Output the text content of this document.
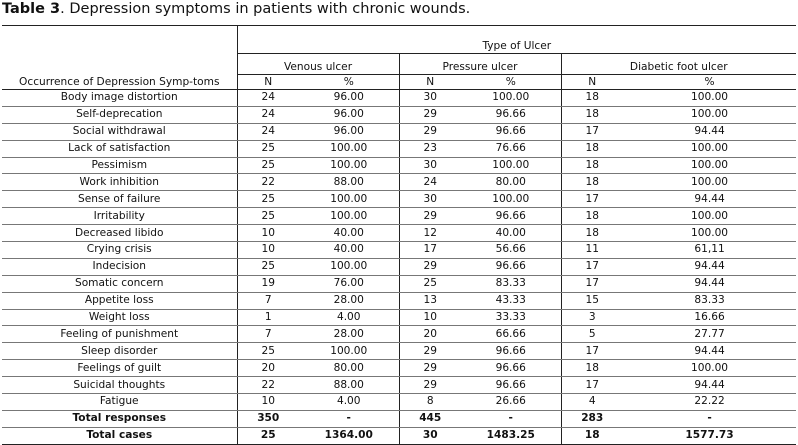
Table 3. Depression symptoms in patients with chronic wounds.
Occurrence of Depression Symp-toms	Type of Ulcer					
	Venous ulcer		Pressure ulcer		Diabetic foot ulcer	
	N	%	N	%	N	%
Body image distortion	24	96.00	30	100.00	18	100.00
Self-deprecation	24	96.00	29	96.66	18	100.00
Social withdrawal	24	96.00	29	96.66	17	94.44
Lack of satisfaction	25	100.00	23	76.66	18	100.00
Pessimism	25	100.00	30	100.00	18	100.00
Work inhibition	22	88.00	24	80.00	18	100.00
Sense of failure	25	100.00	30	100.00	17	94.44
Irritability	25	100.00	29	96.66	18	100.00
Decreased libido	10	40.00	12	40.00	18	100.00
Crying crisis	10	40.00	17	56.66	11	61,11
Indecision	25	100.00	29	96.66	17	94.44
Somatic concern	19	76.00	25	83.33	17	94.44
Appetite loss	7	28.00	13	43.33	15	83.33
Weight loss	1	4.00	10	33.33	3	16.66
Feeling of punishment	7	28.00	20	66.66	5	27.77
Sleep disorder	25	100.00	29	96.66	17	94.44
Feelings of guilt	20	80.00	29	96.66	18	100.00
Suicidal thoughts	22	88.00	29	96.66	17	94.44
Fatigue	10	4.00	8	26.66	4	22.22
Total responses	350	-	445	-	283	-
Total cases	25	1364.00	30	1483.25	18	1577.73
